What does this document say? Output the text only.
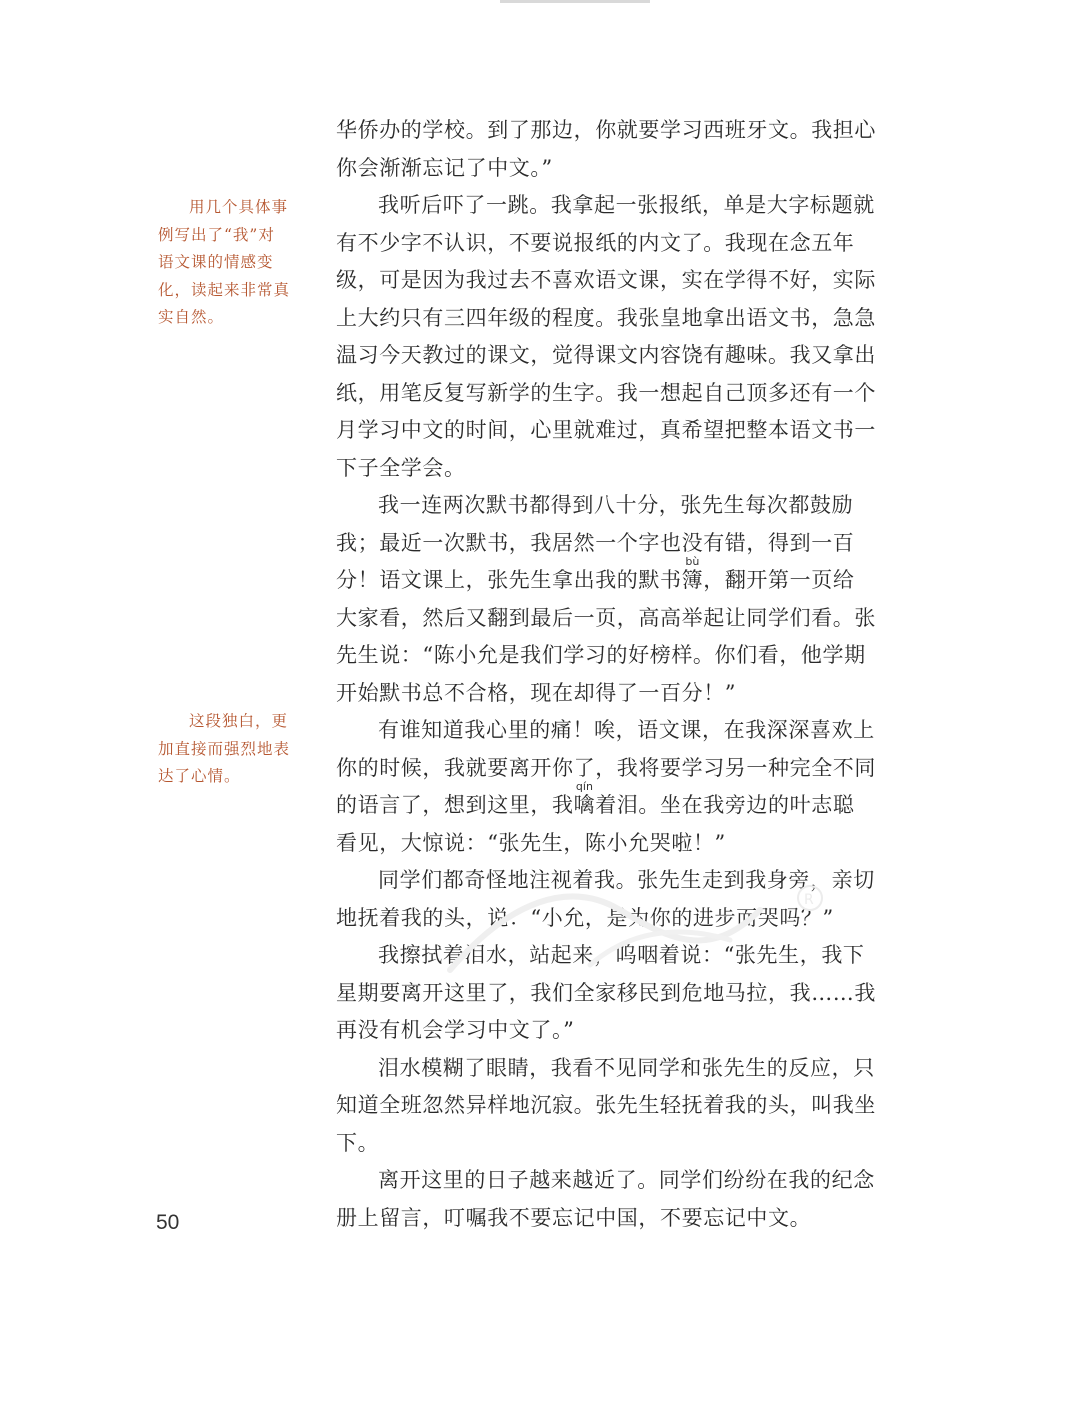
用几个具体事例写出了“我”对语文课的情感变化，读起来非常真实自然。

这段独白，更加直接而强烈地表达了心情。

华侨办的学校。到了那边，你就要学习西班牙文。我担心你会渐渐忘记了中文。”

我听后吓了一跳。我拿起一张报纸，单是大字标题就有不少字不认识，不要说报纸的内文了。我现在念五年级，可是因为我过去不喜欢语文课，实在学得不好，实际上大约只有三四年级的程度。我张皇地拿出语文书，急急温习今天教过的课文，觉得课文内容饶有趣味。我又拿出纸，用笔反复写新学的生字。我一想起自己顶多还有一个月学习中文的时间，心里就难过，真希望把整本语文书一下子全学会。

我一连两次默书都得到八十分，张先生每次都鼓励我；最近一次默书，我居然一个字也没有错，得到一百分！语文课上，张先生拿出我的默书簿bù，翻开第一页给大家看，然后又翻到最后一页，高高举起让同学们看。张先生说：“陈小允是我们学习的好榜样。你们看，他学期开始默书总不合格，现在却得了一百分！”

有谁知道我心里的痛！唉，语文课，在我深深喜欢上你的时候，我就要离开你了，我将要学习另一种完全不同的语言了，想到这里，我噙qín着泪。坐在我旁边的叶志聪看见，大惊说：“张先生，陈小允哭啦！”

同学们都奇怪地注视着我。张先生走到我身旁，亲切地抚着我的头，说：“小允，是为你的进步而哭吗？”

我擦拭着泪水，站起来，呜咽着说：“张先生，我下星期要离开这里了，我们全家移民到危地马拉，我……我再没有机会学习中文了。”

泪水模糊了眼睛，我看不见同学和张先生的反应，只知道全班忽然异样地沉寂。张先生轻抚着我的头，叫我坐下。

离开这里的日子越来越近了。同学们纷纷在我的纪念册上留言，叮嘱我不要忘记中国，不要忘记中文。

R
50
